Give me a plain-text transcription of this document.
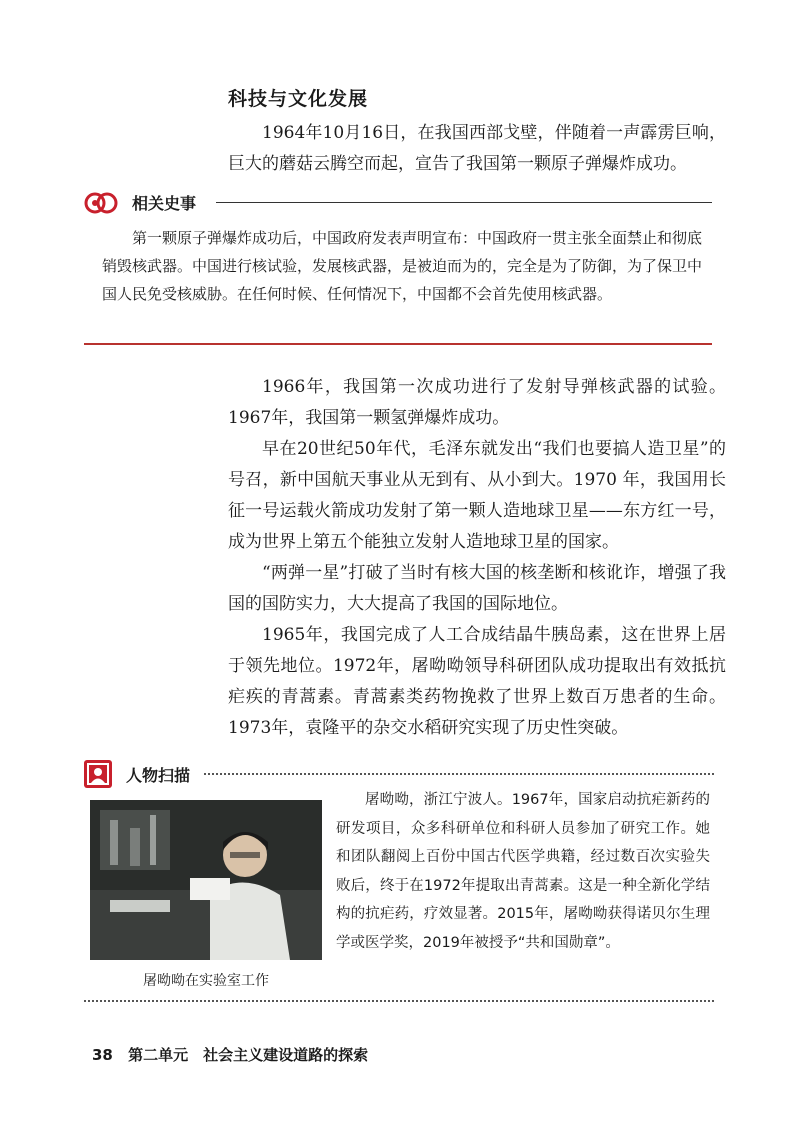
科技与文化发展

1964年10月16日，在我国西部戈壁，伴随着一声霹雳巨响，巨大的蘑菇云腾空而起，宣告了我国第一颗原子弹爆炸成功。

相关史事

第一颗原子弹爆炸成功后，中国政府发表声明宣布：中国政府一贯主张全面禁止和彻底销毁核武器。中国进行核试验，发展核武器，是被迫而为的，完全是为了防御，为了保卫中国人民免受核威胁。在任何时候、任何情况下，中国都不会首先使用核武器。

1966年，我国第一次成功进行了发射导弹核武器的试验。1967年，我国第一颗氢弹爆炸成功。

早在20世纪50年代，毛泽东就发出“我们也要搞人造卫星”的号召，新中国航天事业从无到有、从小到大。1970 年，我国用长征一号运载火箭成功发射了第一颗人造地球卫星——东方红一号，成为世界上第五个能独立发射人造地球卫星的国家。

“两弹一星”打破了当时有核大国的核垄断和核讹诈，增强了我国的国防实力，大大提高了我国的国际地位。

1965年，我国完成了人工合成结晶牛胰岛素，这在世界上居于领先地位。1972年，屠呦呦领导科研团队成功提取出有效抵抗疟疾的青蒿素。青蒿素类药物挽救了世界上数百万患者的生命。1973年，袁隆平的杂交水稻研究实现了历史性突破。

人物扫描
屠呦呦在实验室工作

屠呦呦，浙江宁波人。1967年，国家启动抗疟新药的研发项目，众多科研单位和科研人员参加了研究工作。她和团队翻阅上百份中国古代医学典籍，经过数百次实验失败后，终于在1972年提取出青蒿素。这是一种全新化学结构的抗疟药，疗效显著。2015年，屠呦呦获得诺贝尔生理学或医学奖，2019年被授予“共和国勋章”。

38 第二单元　社会主义建设道路的探索
